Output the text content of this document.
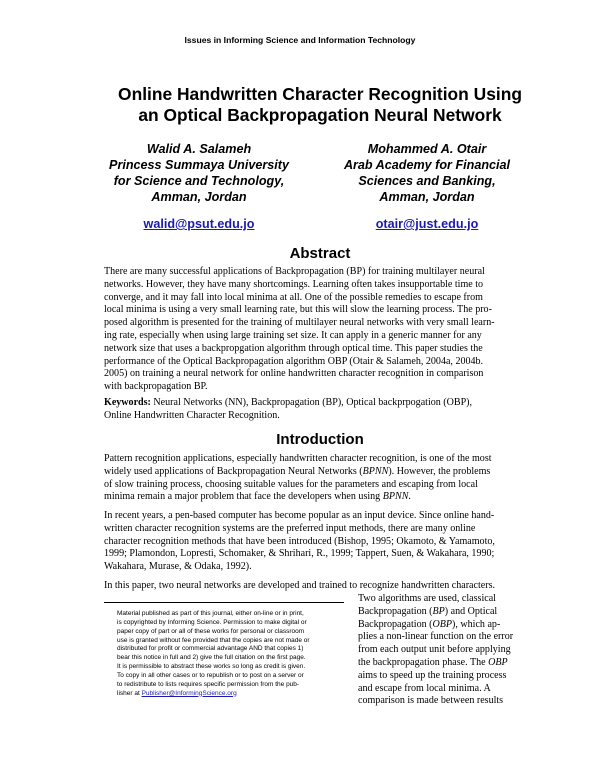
Issues in Informing Science and Information Technology
Online Handwritten Character Recognition Using
an Optical Backpropagation Neural Network
Walid A. Salameh
Princess Summaya University
for Science and Technology,
Amman, Jordan
Mohammed A. Otair
Arab Academy for Financial
Sciences and Banking,
Amman, Jordan
walid@psut.edu.jo	otair@just.edu.jo
Abstract
There are many successful applications of Backpropagation (BP) for training multilayer neural
networks. However, they have many shortcomings. Learning often takes insupportable time to
converge, and it may fall into local minima at all. One of the possible remedies to escape from
local minima is using a very small learning rate, but this will slow the learning process. The pro-
posed algorithm is presented for the training of multilayer neural networks with very small learn-
ing rate, especially when using large training set size. It can apply in a generic manner for any
network size that uses a backpropgation algorithm through optical time. This paper studies the
performance of the Optical Backpropagation algorithm OBP (Otair & Salameh, 2004a, 2004b.
2005) on training a neural network for online handwritten character recognition in comparison
with backpropagation BP.
Keywords: Neural Networks (NN), Backpropagation (BP), Optical backprpogation (OBP),
Online Handwritten Character Recognition.
Introduction
Pattern recognition applications, especially handwritten character recognition, is one of the most
widely used applications of Backpropagation Neural Networks (BPNN). However, the problems
of slow training process, choosing suitable values for the parameters and escaping from local
minima remain a major problem that face the developers when using BPNN.
In recent years, a pen-based computer has become popular as an input device. Since online hand-
written character recognition systems are the preferred input methods, there are many online
character recognition methods that have been introduced (Bishop, 1995; Okamoto, & Yamamoto,
1999; Plamondon, Lopresti, Schomaker, & Shrihari, R., 1999; Tappert, Suen, & Wakahara, 1990;
Wakahara, Murase, & Odaka, 1992).
In this paper, two neural networks are developed and trained to recognize handwritten characters.
Two algorithms are used, classical
Backpropagation (BP) and Optical
Backpropagation (OBP), which ap-
plies a non-linear function on the error
from each output unit before applying
the backpropagation phase. The OBP
aims to speed up the training process
and escape from local minima. A
comparison is made between results
Material published as part of this journal, either on-line or in print,
is copyrighted by Informing Science. Permission to make digital or
paper copy of part or all of these works for personal or classroom
use is granted without fee provided that the copies are not made or
distributed for profit or commercial advantage AND that copies 1)
bear this notice in full and 2) give the full citation on the first page.
It is permissible to abstract these works so long as credit is given.
To copy in all other cases or to republish or to post on a server or
to redistribute to lists requires specific permission from the pub-
lisher at Publisher@InformingScience.org
